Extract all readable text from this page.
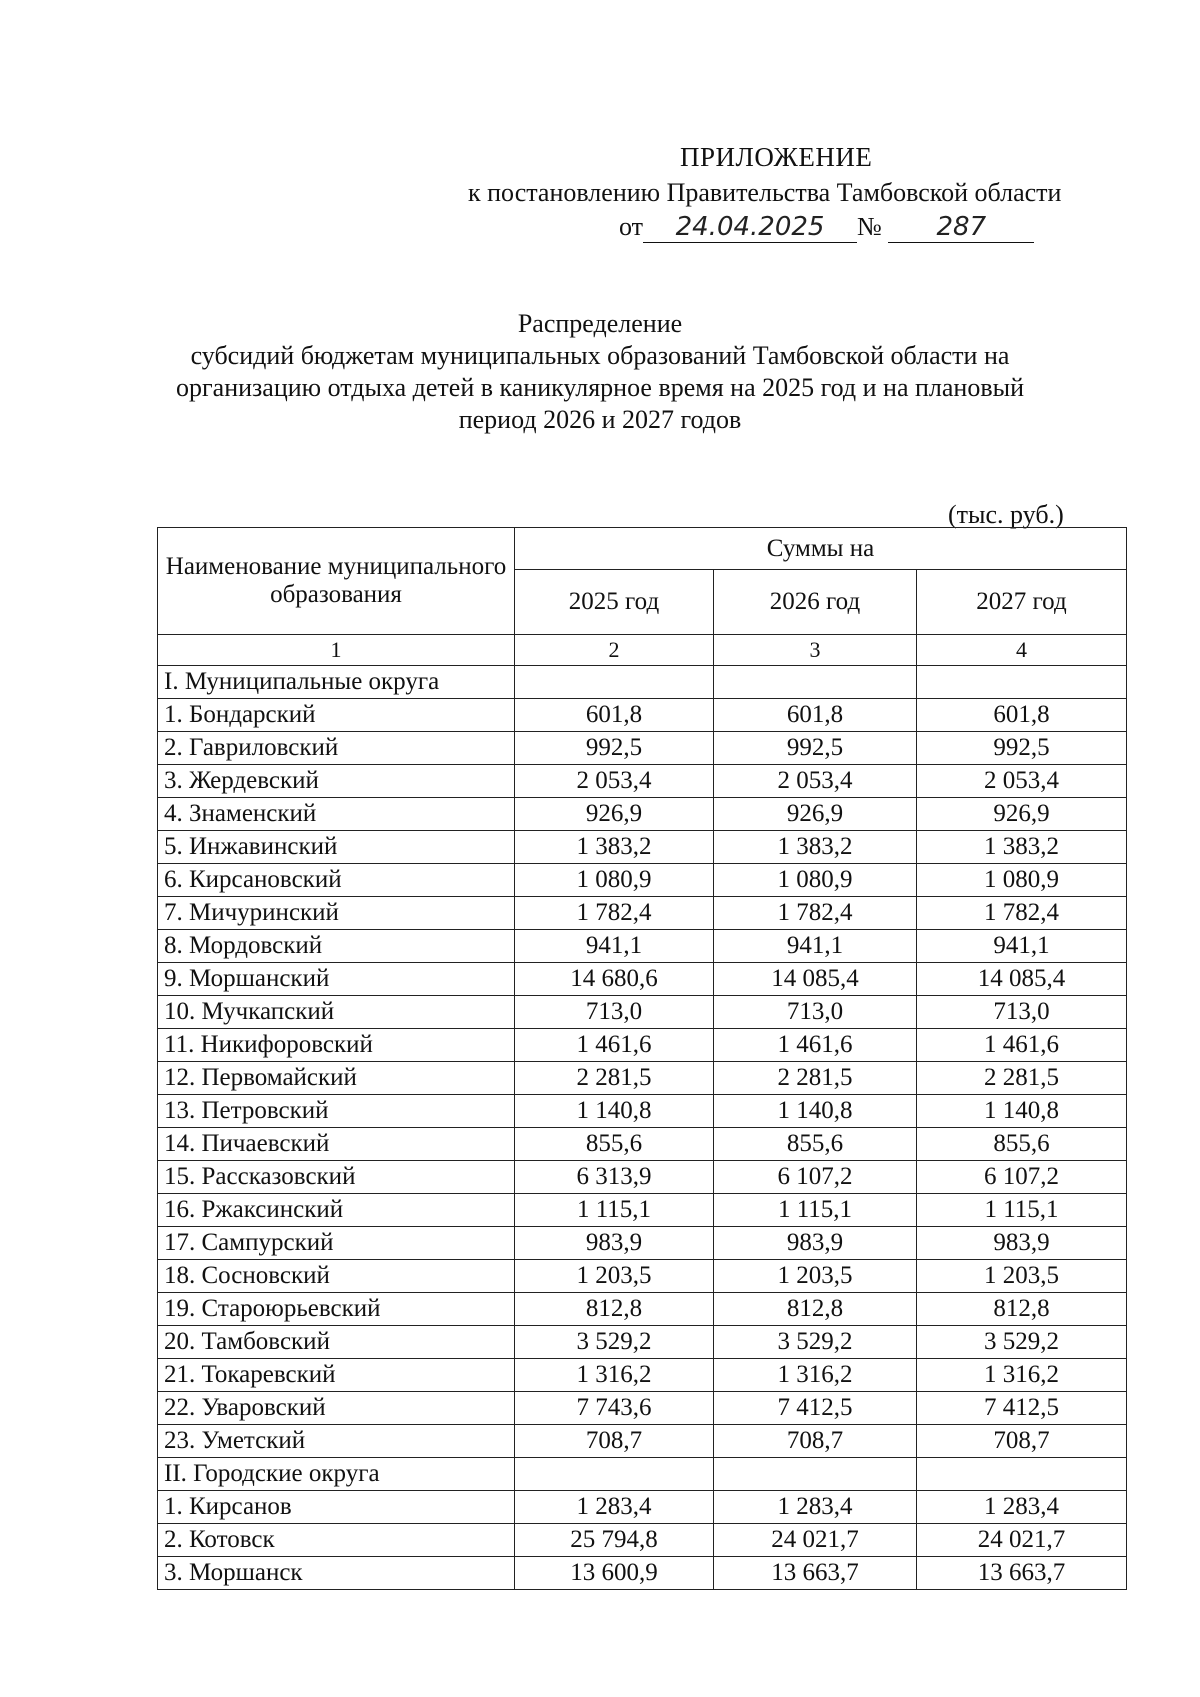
ПРИЛОЖЕНИЕ
к постановлению Правительства Тамбовской области
от 24.04.2025 № 287
Распределение
субсидий бюджетам муниципальных образований Тамбовской области на
организацию отдыха детей в каникулярное время на 2025 год и на плановый
период 2026 и 2027 годов
(тыс. руб.)
Наименование муниципального образования	Суммы на		
	2025 год	2026 год	2027 год
1	2	3	4
I. Муниципальные округа			
1. Бондарский	601,8	601,8	601,8
2. Гавриловский	992,5	992,5	992,5
3. Жердевский	2 053,4	2 053,4	2 053,4
4. Знаменский	926,9	926,9	926,9
5. Инжавинский	1 383,2	1 383,2	1 383,2
6. Кирсановский	1 080,9	1 080,9	1 080,9
7. Мичуринский	1 782,4	1 782,4	1 782,4
8. Мордовский	941,1	941,1	941,1
9. Моршанский	14 680,6	14 085,4	14 085,4
10. Мучкапский	713,0	713,0	713,0
11. Никифоровский	1 461,6	1 461,6	1 461,6
12. Первомайский	2 281,5	2 281,5	2 281,5
13. Петровский	1 140,8	1 140,8	1 140,8
14. Пичаевский	855,6	855,6	855,6
15. Рассказовский	6 313,9	6 107,2	6 107,2
16. Ржаксинский	1 115,1	1 115,1	1 115,1
17. Сампурский	983,9	983,9	983,9
18. Сосновский	1 203,5	1 203,5	1 203,5
19. Староюрьевский	812,8	812,8	812,8
20. Тамбовский	3 529,2	3 529,2	3 529,2
21. Токаревский	1 316,2	1 316,2	1 316,2
22. Уваровский	7 743,6	7 412,5	7 412,5
23. Уметский	708,7	708,7	708,7
II. Городские округа			
1. Кирсанов	1 283,4	1 283,4	1 283,4
2. Котовск	25 794,8	24 021,7	24 021,7
3. Моршанск	13 600,9	13 663,7	13 663,7
